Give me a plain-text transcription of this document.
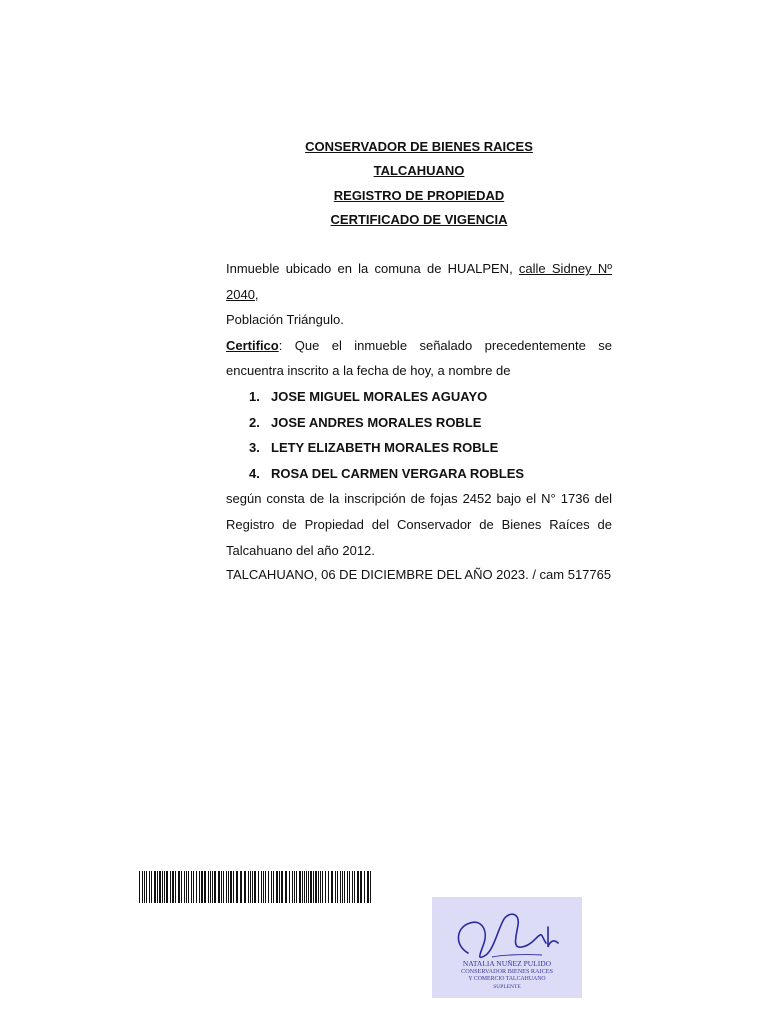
CONSERVADOR DE BIENES RAICES
TALCAHUANO
REGISTRO DE PROPIEDAD
CERTIFICADO DE VIGENCIA

Inmueble ubicado en la comuna de HUALPEN, calle Sidney Nº 2040,

Población Triángulo.

Certifico: Que el inmueble señalado precedentemente se encuentra inscrito a la fecha de hoy, a nombre de

1. JOSE MIGUEL MORALES AGUAYO
2. JOSE ANDRES MORALES ROBLE
3. LETY ELIZABETH MORALES ROBLE
4. ROSA DEL CARMEN VERGARA ROBLES

según consta de la inscripción de fojas 2452 bajo el N° 1736 del Registro de Propiedad del Conservador de Bienes Raíces de Talcahuano del año 2012.

TALCAHUANO, 06 DE DICIEMBRE DEL AÑO 2023. / cam 517765
NATALIA NUÑEZ PULIDO
CONSERVADOR BIENES RAICES
Y COMERCIO TALCAHUANO
SUPLENTE
